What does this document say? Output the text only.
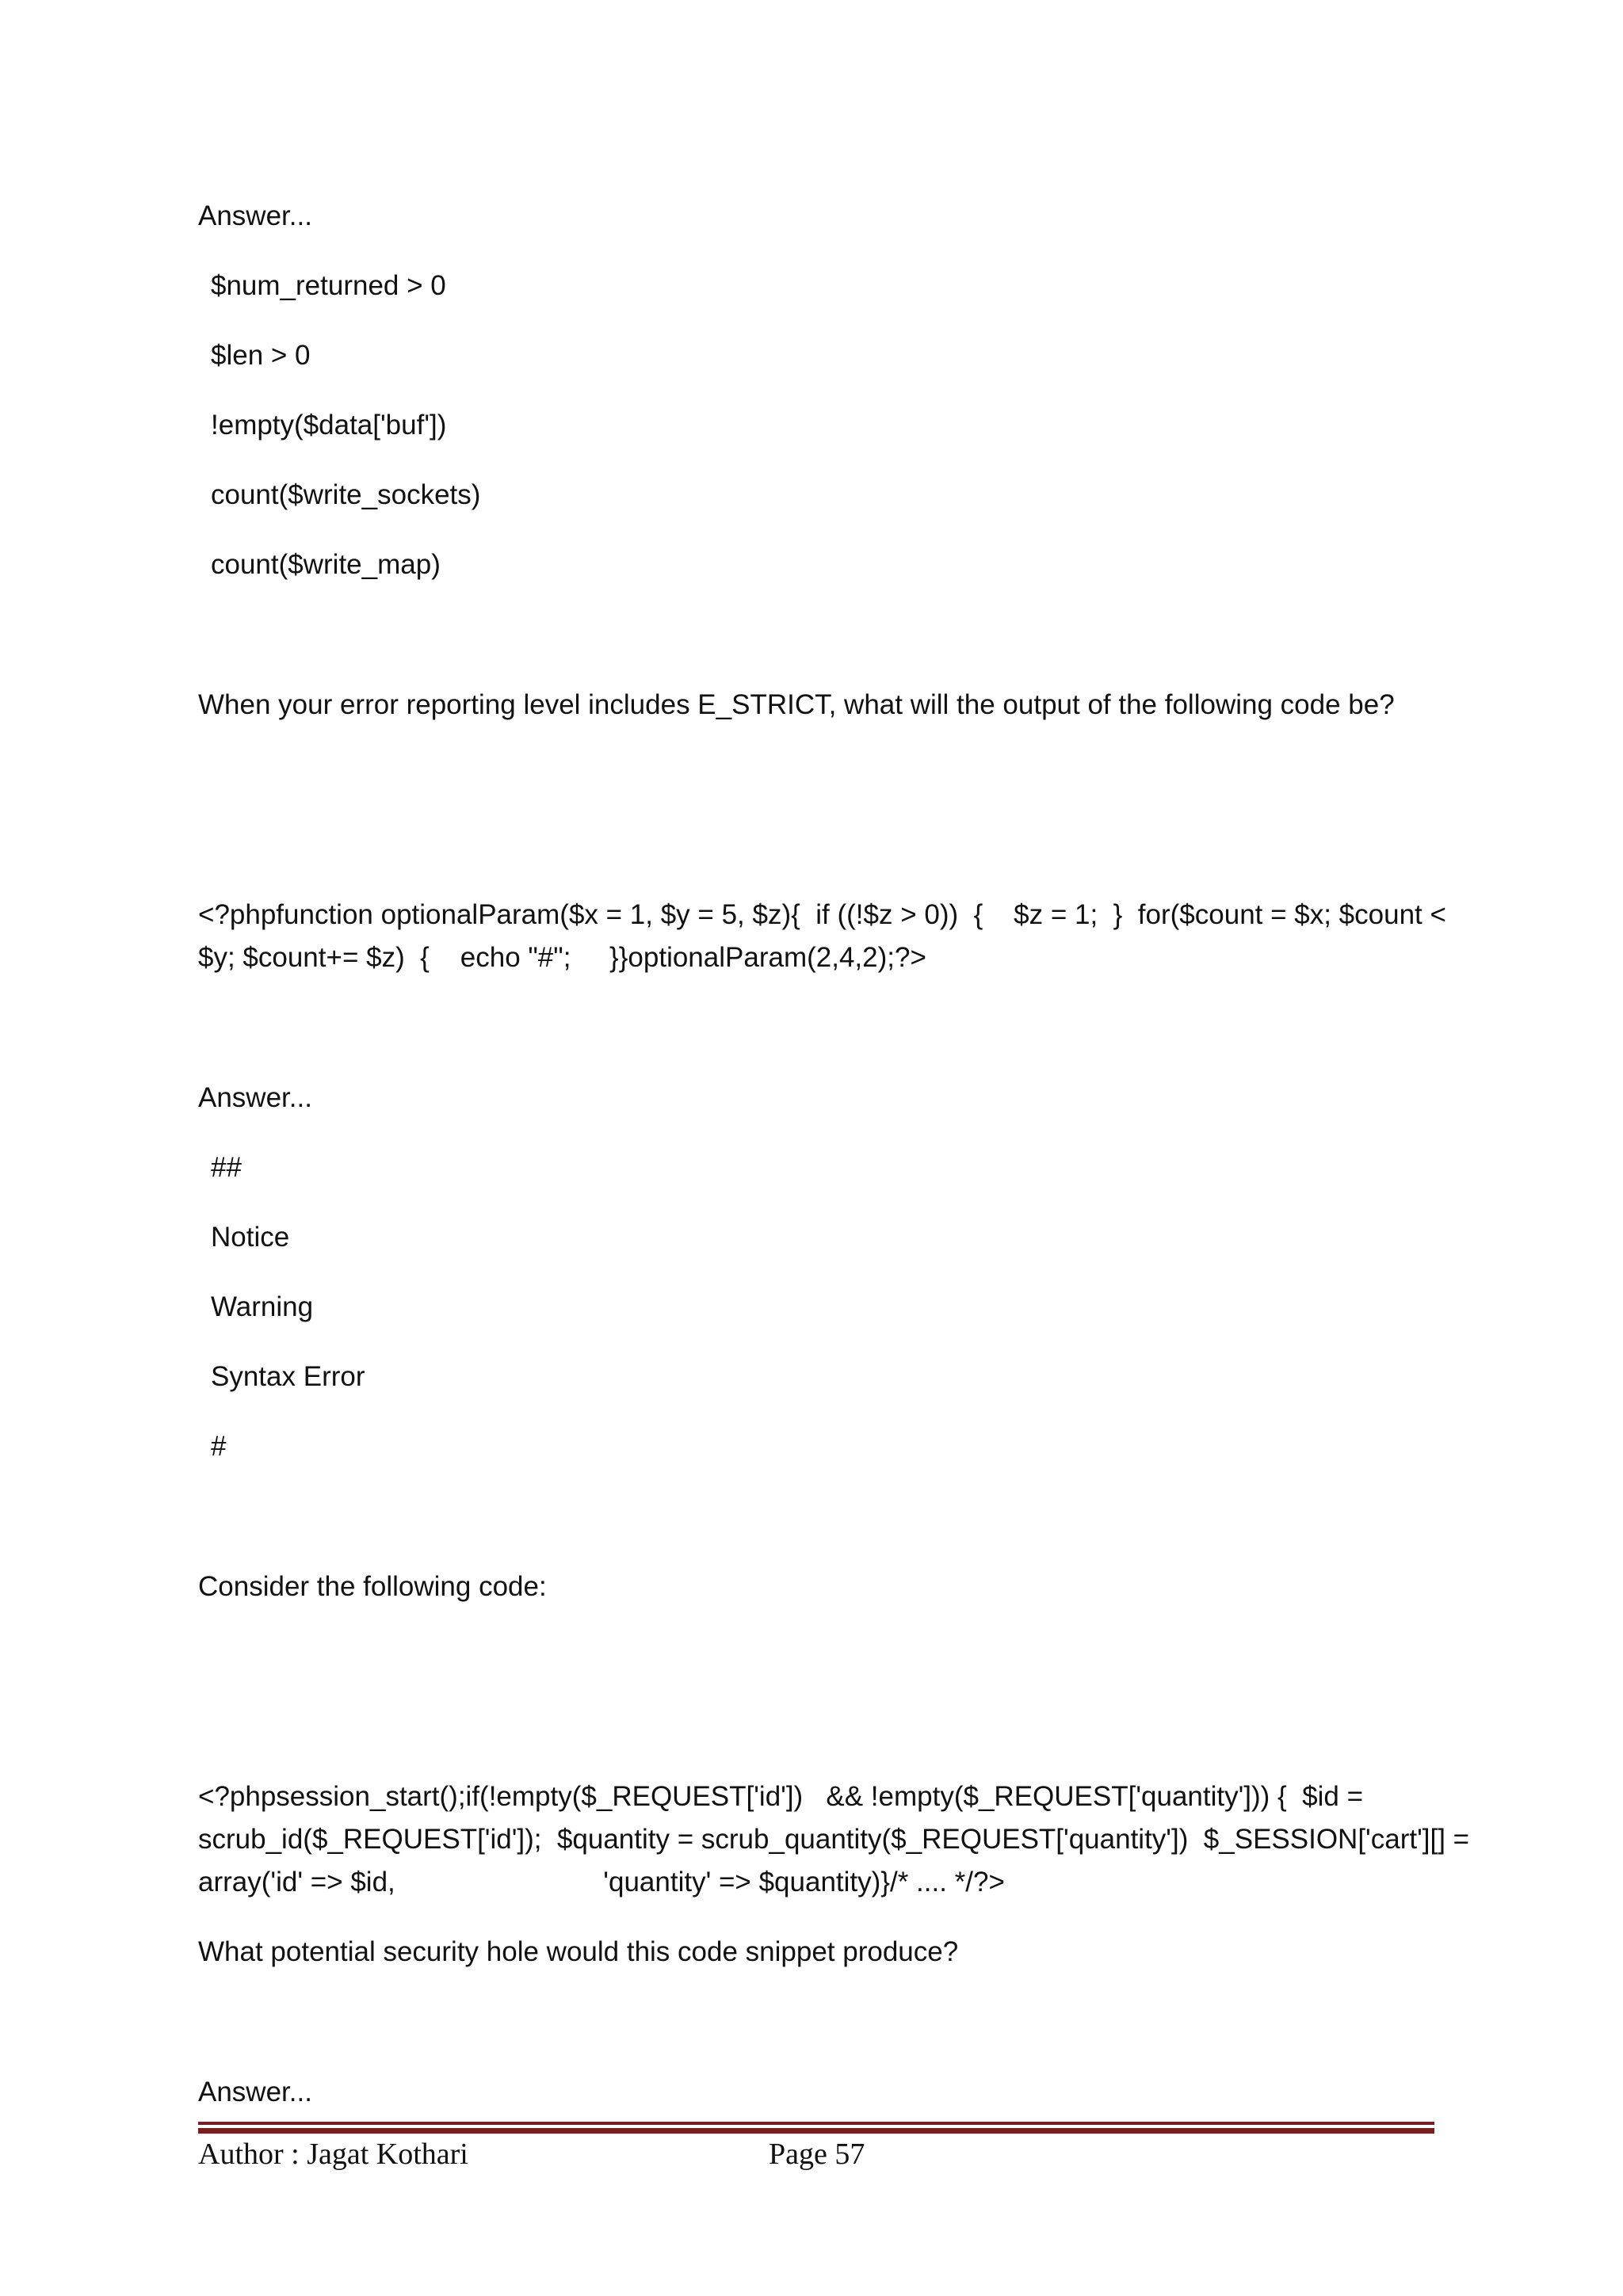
Answer...
$num_returned > 0
$len > 0
!empty($data['buf'])
count($write_sockets)
count($write_map)
When your error reporting level includes E_STRICT, what will the output of the following code be?
<?phpfunction optionalParam($x = 1, $y = 5, $z){  if ((!$z > 0))  {    $z = 1;  }  for($count = $x; $count <
$y; $count+= $z)  {    echo "#";     }}optionalParam(2,4,2);?>
Answer...
##
Notice
Warning
Syntax Error
#
Consider the following code:
<?phpsession_start();if(!empty($_REQUEST['id'])   && !empty($_REQUEST['quantity'])) {  $id =
scrub_id($_REQUEST['id']);  $quantity = scrub_quantity($_REQUEST['quantity'])  $_SESSION['cart'][] =
array('id' => $id,                           'quantity' => $quantity)}/* .... */?>
What potential security hole would this code snippet produce?
Answer...
Author : Jagat Kothari	Page 57
